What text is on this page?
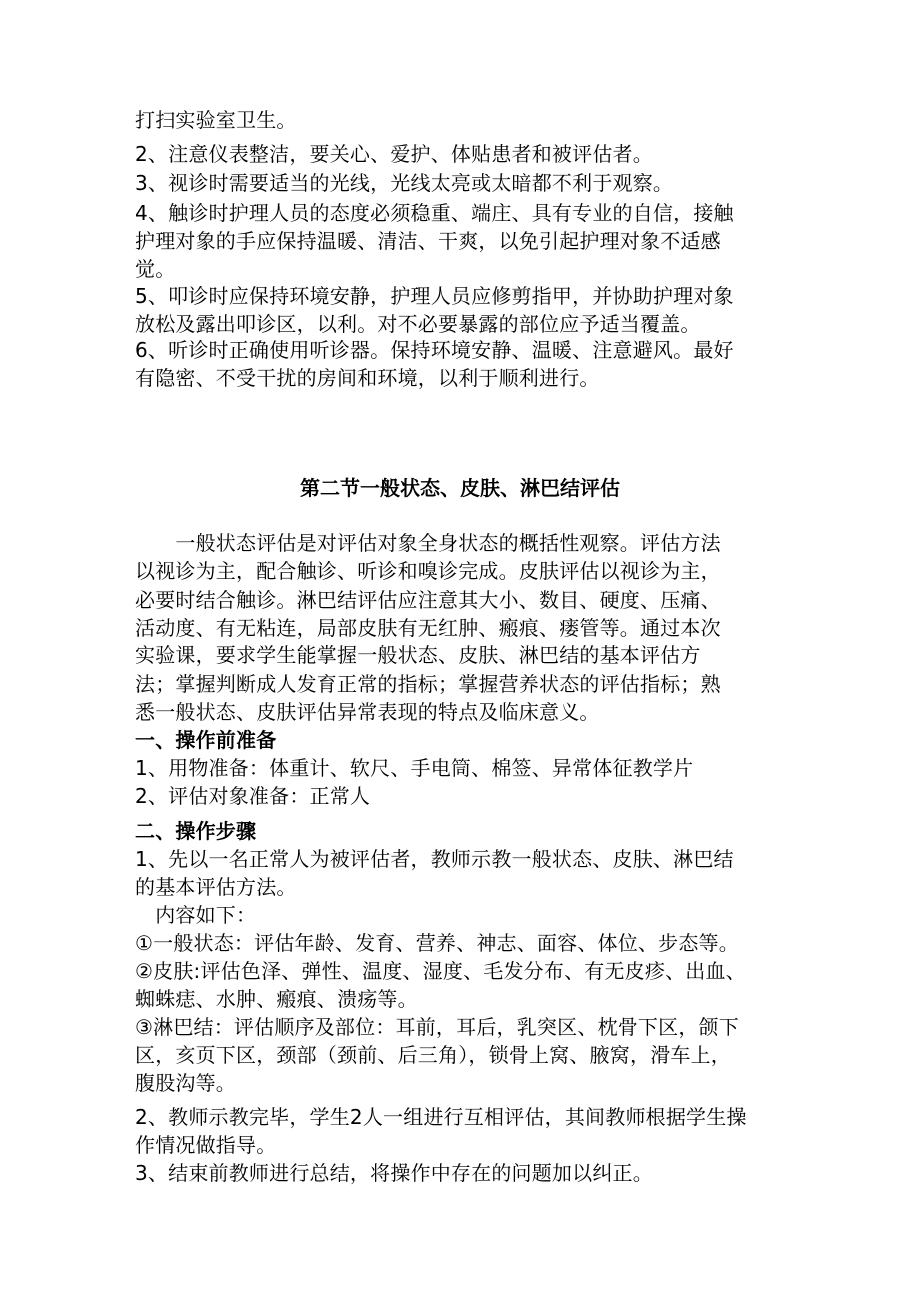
打扫实验室卫生。
2、注意仪表整洁，要关心、爱护、体贴患者和被评估者。
3、视诊时需要适当的光线，光线太亮或太暗都不利于观察。
4、触诊时护理人员的态度必须稳重、端庄、具有专业的自信，接触
护理对象的手应保持温暖、清洁、干爽，以免引起护理对象不适感
觉。
5、叩诊时应保持环境安静，护理人员应修剪指甲，并协助护理对象
放松及露出叩诊区，以利。对不必要暴露的部位应予适当覆盖。
6、听诊时正确使用听诊器。保持环境安静、温暖、注意避风。最好
有隐密、不受干扰的房间和环境，以利于顺利进行。
第二节一般状态、皮肤、淋巴结评估
　　一般状态评估是对评估对象全身状态的概括性观察。评估方法
以视诊为主，配合触诊、听诊和嗅诊完成。皮肤评估以视诊为主，
必要时结合触诊。淋巴结评估应注意其大小、数目、硬度、压痛、
活动度、有无粘连，局部皮肤有无红肿、瘢痕、瘘管等。通过本次
实验课，要求学生能掌握一般状态、皮肤、淋巴结的基本评估方
法；掌握判断成人发育正常的指标；掌握营养状态的评估指标；熟
悉一般状态、皮肤评估异常表现的特点及临床意义。
一、操作前准备
1、用物准备：体重计、软尺、手电筒、棉签、异常体征教学片
2、评估对象准备：正常人
二、操作步骤
1、先以一名正常人为被评估者，教师示教一般状态、皮肤、淋巴结
的基本评估方法。
　内容如下：
①一般状态：评估年龄、发育、营养、神志、面容、体位、步态等。
②皮肤:评估色泽、弹性、温度、湿度、毛发分布、有无皮疹、出血、
蜘蛛痣、水肿、瘢痕、溃疡等。
③淋巴结：评估顺序及部位：耳前，耳后，乳突区、枕骨下区，颌下
区，亥页下区，颈部（颈前、后三角），锁骨上窝、腋窝，滑车上，
腹股沟等。
2、教师示教完毕，学生2人一组进行互相评估，其间教师根据学生操
作情况做指导。
3、结束前教师进行总结，将操作中存在的问题加以纠正。
